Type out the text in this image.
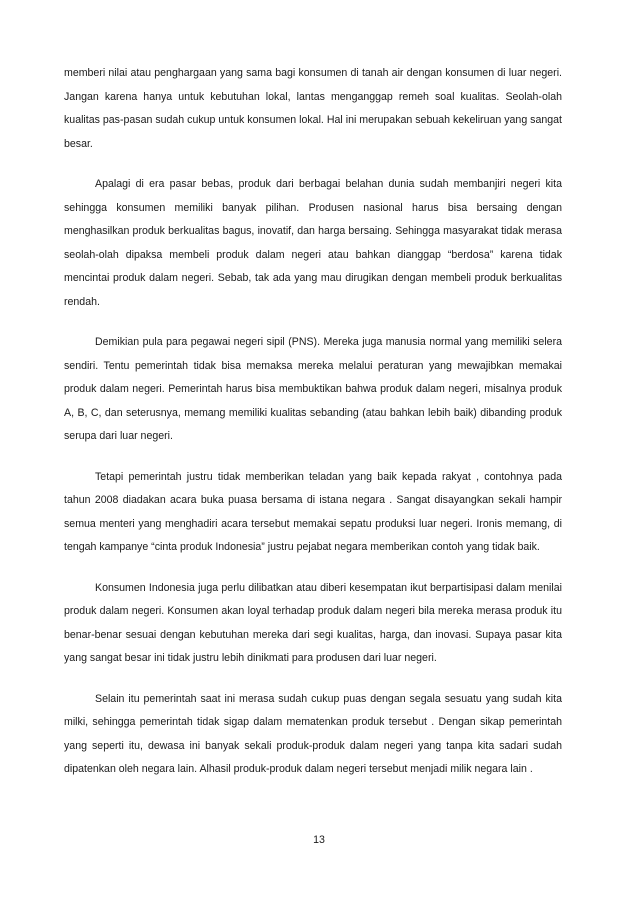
memberi nilai atau penghargaan yang sama bagi konsumen di tanah air dengan konsumen di luar negeri. Jangan karena hanya untuk kebutuhan lokal, lantas menganggap remeh soal kualitas. Seolah-olah kualitas pas-pasan sudah cukup untuk konsumen lokal. Hal ini merupakan sebuah kekeliruan yang sangat besar.

Apalagi di era pasar bebas, produk dari berbagai belahan dunia sudah membanjiri negeri kita sehingga konsumen memiliki banyak pilihan. Produsen nasional harus bisa bersaing dengan menghasilkan produk berkualitas bagus, inovatif, dan harga bersaing. Sehingga masyarakat tidak merasa seolah-olah dipaksa membeli produk dalam negeri atau bahkan dianggap “berdosa” karena tidak mencintai produk dalam negeri. Sebab, tak ada yang mau dirugikan dengan membeli produk berkualitas rendah.

Demikian pula para pegawai negeri sipil (PNS). Mereka juga manusia normal yang memiliki selera sendiri. Tentu pemerintah tidak bisa memaksa mereka melalui peraturan yang mewajibkan memakai produk dalam negeri. Pemerintah harus bisa membuktikan bahwa produk dalam negeri, misalnya produk A, B, C, dan seterusnya, memang memiliki kualitas sebanding (atau bahkan lebih baik) dibanding produk serupa dari luar negeri.

Tetapi pemerintah justru tidak memberikan teladan yang baik kepada rakyat , contohnya pada tahun 2008 diadakan acara buka puasa bersama di istana negara . Sangat disayangkan sekali hampir semua menteri yang menghadiri acara tersebut memakai sepatu produksi luar negeri. Ironis memang, di tengah kampanye “cinta produk Indonesia” justru pejabat negara memberikan contoh yang tidak baik.

Konsumen Indonesia juga perlu dilibatkan atau diberi kesempatan ikut berpartisipasi dalam menilai produk dalam negeri. Konsumen akan loyal terhadap produk dalam negeri bila mereka merasa produk itu benar-benar sesuai dengan kebutuhan mereka dari segi kualitas, harga, dan inovasi. Supaya pasar kita yang sangat besar ini tidak justru lebih dinikmati para produsen dari luar negeri.

Selain itu pemerintah saat ini merasa sudah cukup puas dengan segala sesuatu yang sudah kita milki, sehingga pemerintah tidak sigap dalam mematenkan produk tersebut . Dengan sikap pemerintah yang seperti itu, dewasa ini banyak sekali produk-produk dalam negeri yang tanpa kita sadari sudah dipatenkan oleh negara lain. Alhasil produk-produk dalam negeri tersebut menjadi milik negara lain .

13
